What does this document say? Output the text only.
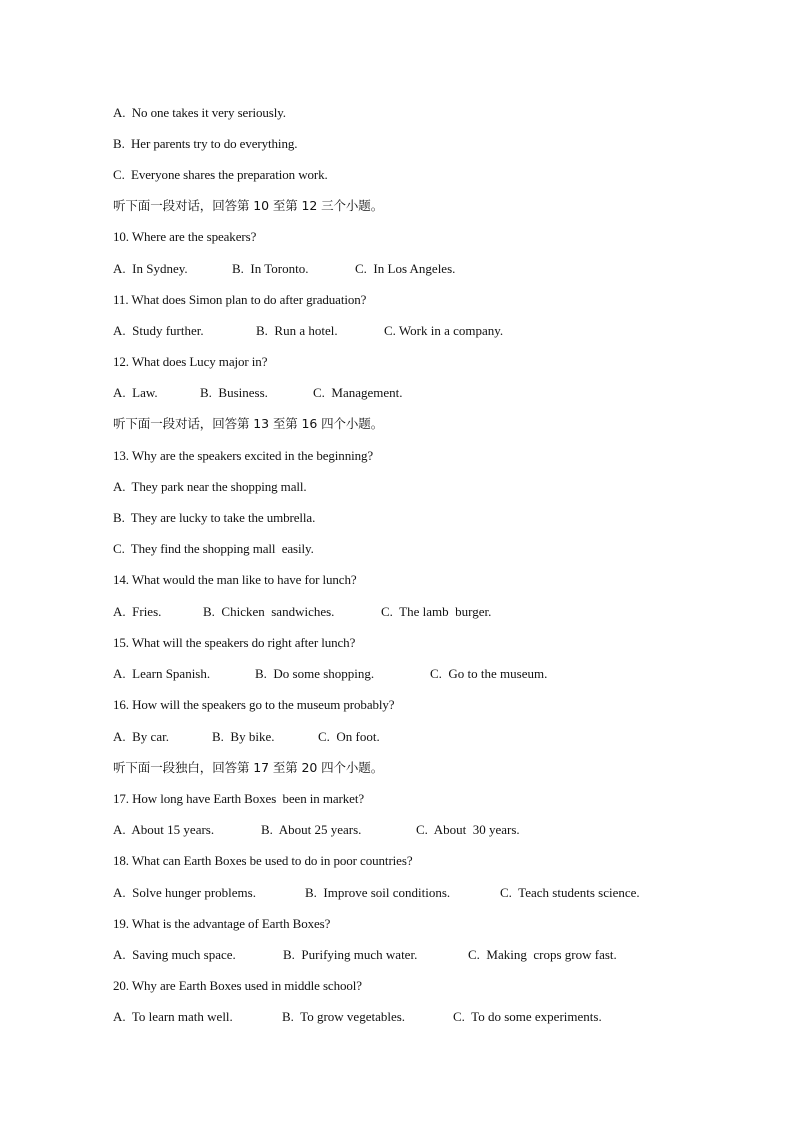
A.  No one takes it very seriously.
B.  Her parents try to do everything.
C.  Everyone shares the preparation work.
听下面一段对话，回答第 10 至第 12 三个小题。
10. Where are the speakers?
A.  In Sydney.	B.  In Toronto.	C.  In Los Angeles.
11. What does Simon plan to do after graduation?
A.  Study further.	B.  Run a hotel.	C. Work in a company.
12. What does Lucy major in?
A.  Law.	B.  Business.	C.  Management.
听下面一段对话，回答第 13 至第 16 四个小题。
13. Why are the speakers excited in the beginning?
A.  They park near the shopping mall.
B.  They are lucky to take the umbrella.
C.  They find the shopping mall  easily.
14. What would the man like to have for lunch?
A.  Fries.	B.  Chicken  sandwiches.	C.  The lamb  burger.
15. What will the speakers do right after lunch?
A.  Learn Spanish.	B.  Do some shopping.	C.  Go to the museum.
16. How will the speakers go to the museum probably?
A.  By car.	B.  By bike.	C.  On foot.
听下面一段独白，回答第 17 至第 20 四个小题。
17. How long have Earth Boxes  been in market?
A.  About 15 years.	B.  About 25 years.	C.  About  30 years.
18. What can Earth Boxes be used to do in poor countries?
A.  Solve hunger problems.	B.  Improve soil conditions.	C.  Teach students science.
19. What is the advantage of Earth Boxes?
A.  Saving much space.	B.  Purifying much water.	C.  Making  crops grow fast.
20. Why are Earth Boxes used in middle school?
A.  To learn math well.	B.  To grow vegetables.	C.  To do some experiments.
